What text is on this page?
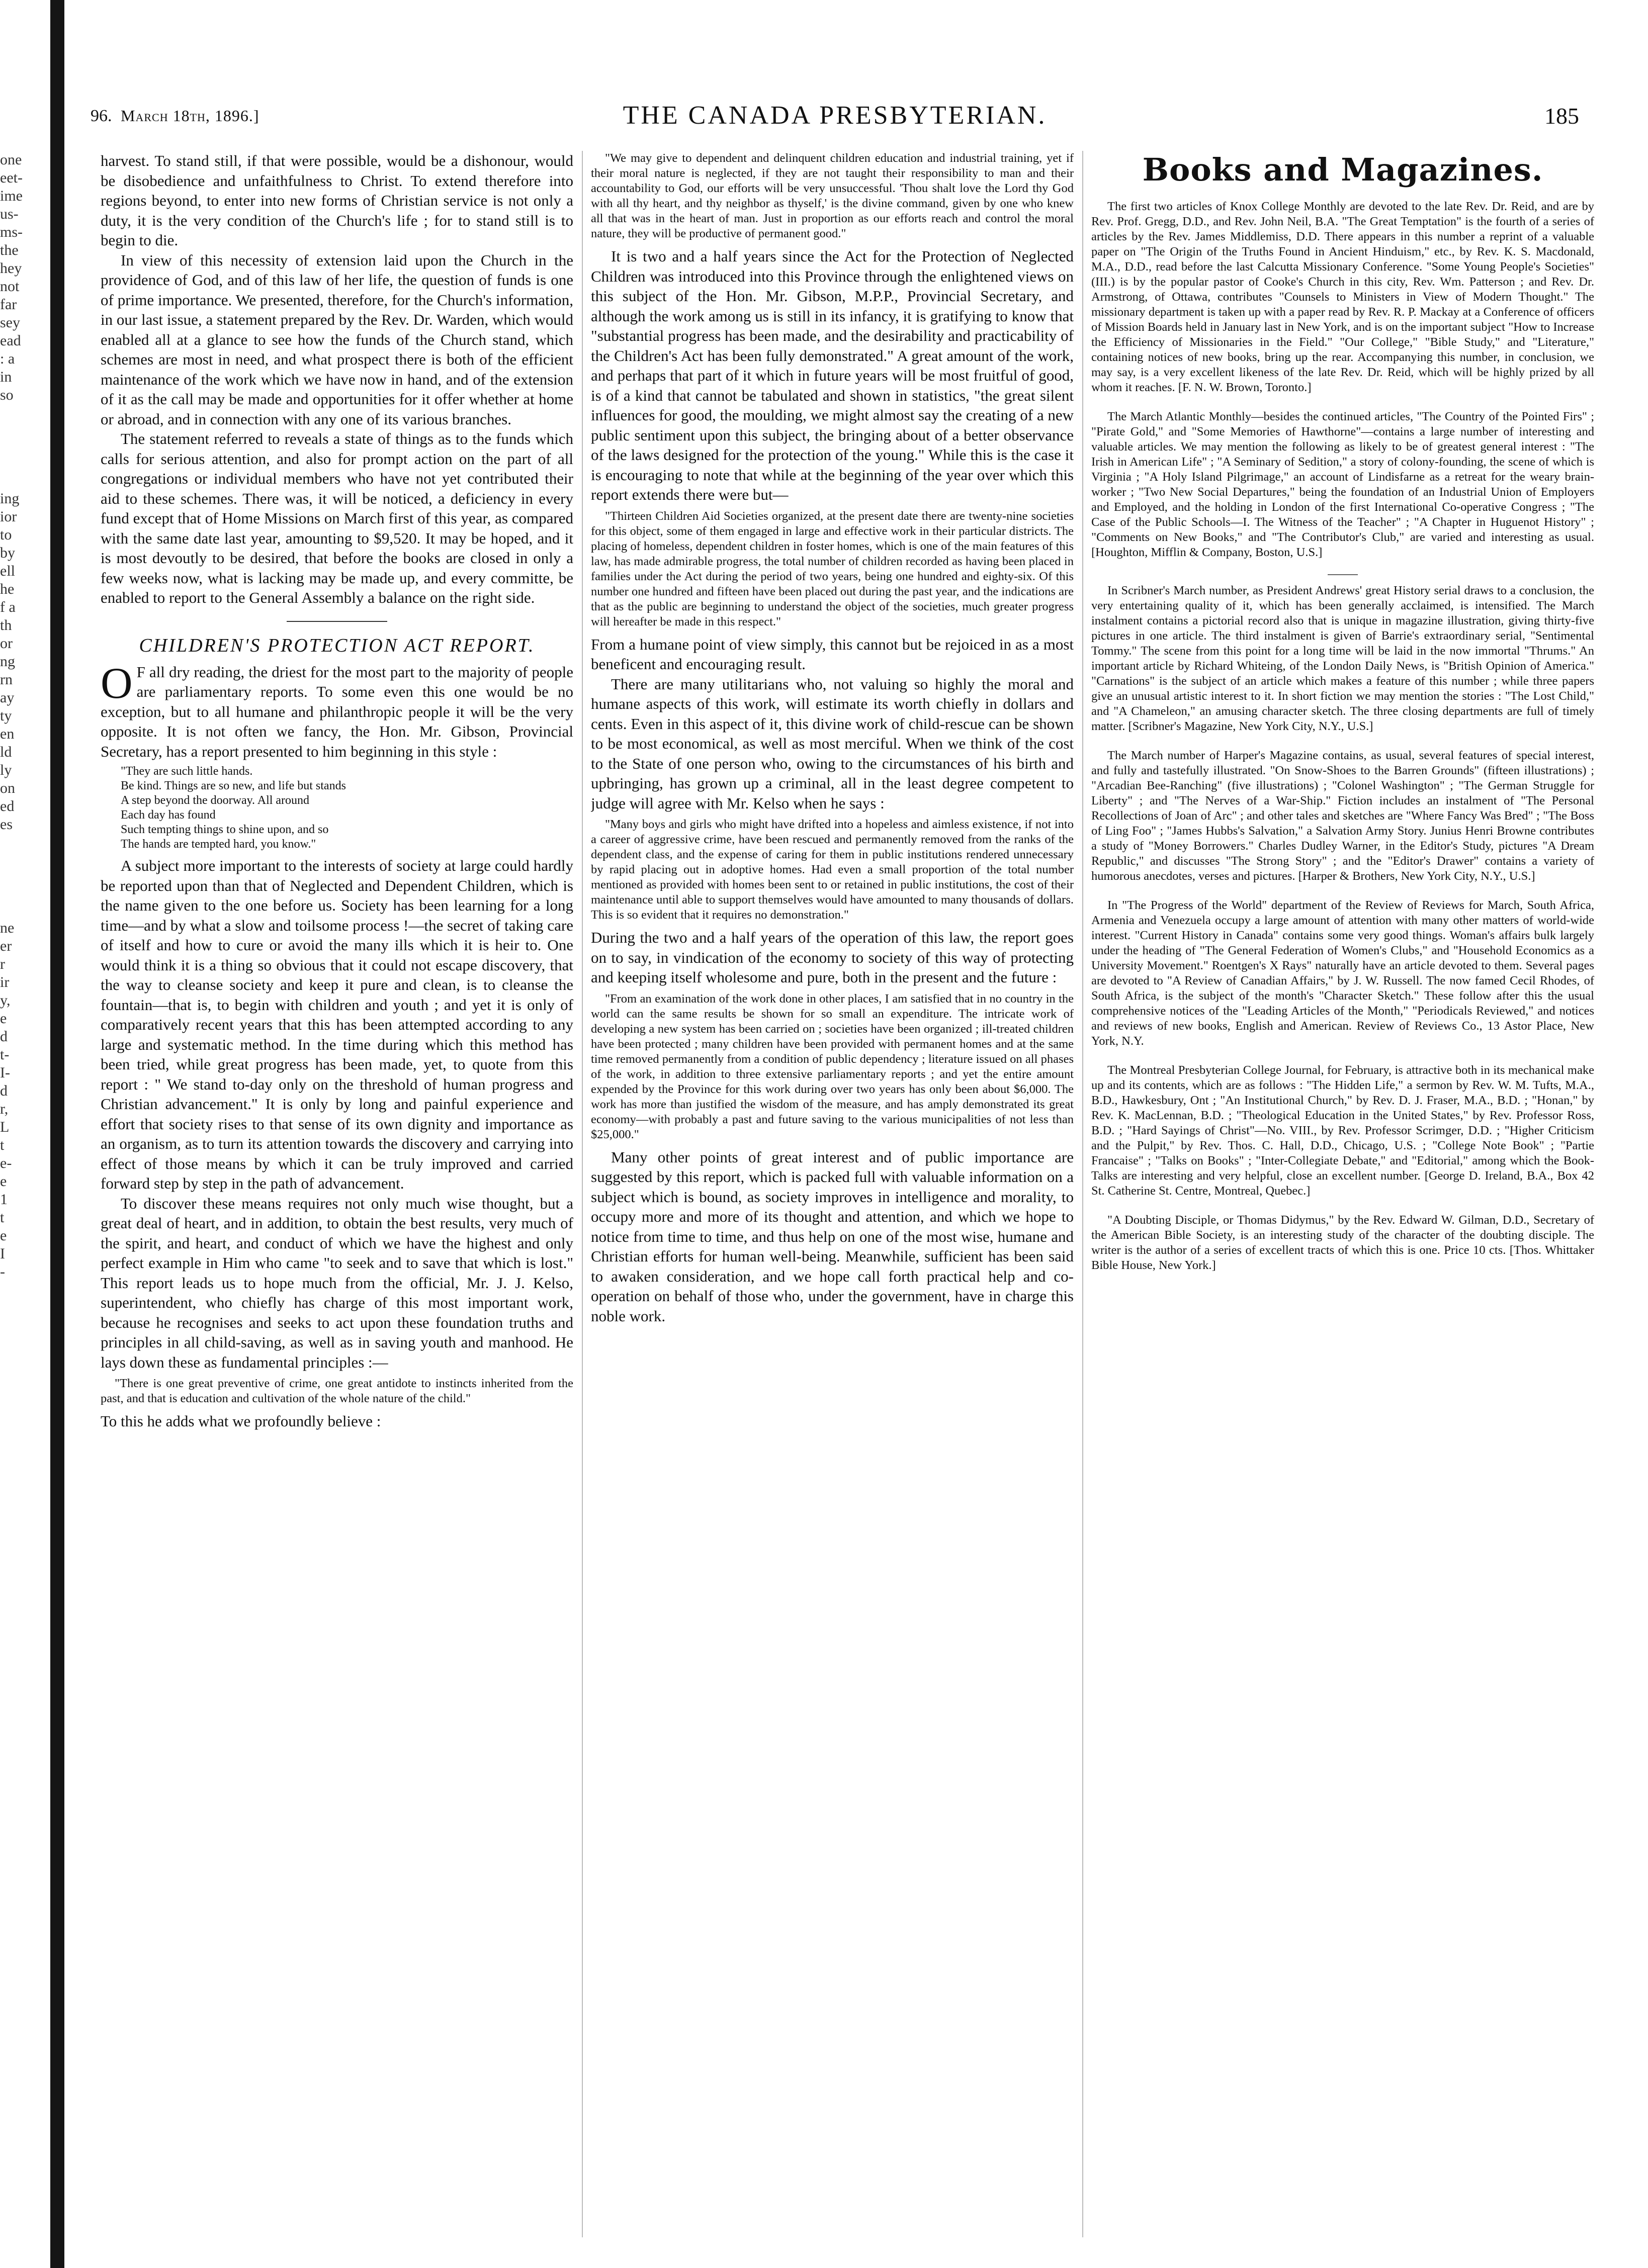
one
eet-
ime
us-
ms-
the
hey
not
far
sey
ead
: a
in
so
ing
ior
to
by
ell
he
f a
th
or
ng
rn
ay
ty
en
ld
ly
on
ed
es
ne
er
r
ir
y,
e
d
t-
I-
d
r,
L
t
e-
e
1
t
e
I
-
96. March 18th, 1896.]	THE CANADA PRESBYTERIAN.	185

harvest. To stand still, if that were possible, would be a dishonour, would be disobedience and unfaithfulness to Christ. To extend therefore into regions beyond, to enter into new forms of Christian service is not only a duty, it is the very condition of the Church's life ; for to stand still is to begin to die.

In view of this necessity of extension laid upon the Church in the providence of God, and of this law of her life, the question of funds is one of prime importance. We presented, therefore, for the Church's information, in our last issue, a statement prepared by the Rev. Dr. Warden, which would enabled all at a glance to see how the funds of the Church stand, which schemes are most in need, and what prospect there is both of the efficient maintenance of the work which we have now in hand, and of the extension of it as the call may be made and opportunities for it offer whether at home or abroad, and in connection with any one of its various branches.

The statement referred to reveals a state of things as to the funds which calls for serious attention, and also for prompt action on the part of all congregations or individual members who have not yet contributed their aid to these schemes. There was, it will be noticed, a deficiency in every fund except that of Home Missions on March first of this year, as compared with the same date last year, amounting to $9,520. It may be hoped, and it is most devoutly to be desired, that before the books are closed in only a few weeks now, what is lacking may be made up, and every committe, be enabled to report to the General Assembly a balance on the right side.

CHILDREN'S PROTECTION ACT REPORT.

OF all dry reading, the driest for the most part to the majority of people are parliamentary reports. To some even this one would be no exception, but to all humane and philanthropic people it will be the very opposite. It is not often we fancy, the Hon. Mr. Gibson, Provincial Secretary, has a report presented to him beginning in this style :

"They are such little hands.
Be kind. Things are so new, and life but stands
A step beyond the doorway. All around
Each day has found
Such tempting things to shine upon, and so
The hands are tempted hard, you know."

A subject more important to the interests of society at large could hardly be reported upon than that of Neglected and Dependent Children, which is the name given to the one before us. Society has been learning for a long time—and by what a slow and toilsome process !—the secret of taking care of itself and how to cure or avoid the many ills which it is heir to. One would think it is a thing so obvious that it could not escape discovery, that the way to cleanse society and keep it pure and clean, is to cleanse the fountain—that is, to begin with children and youth ; and yet it is only of comparatively recent years that this has been attempted according to any large and systematic method. In the time during which this method has been tried, while great progress has been made, yet, to quote from this report : " We stand to-day only on the threshold of human progress and Christian advancement." It is only by long and painful experience and effort that society rises to that sense of its own dignity and importance as an organism, as to turn its attention towards the discovery and carrying into effect of those means by which it can be truly improved and carried forward step by step in the path of advancement.

To discover these means requires not only much wise thought, but a great deal of heart, and in addition, to obtain the best results, very much of the spirit, and heart, and conduct of which we have the highest and only perfect example in Him who came "to seek and to save that which is lost." This report leads us to hope much from the official, Mr. J. J. Kelso, superintendent, who chiefly has charge of this most important work, because he recognises and seeks to act upon these foundation truths and principles in all child-saving, as well as in saving youth and manhood. He lays down these as fundamental principles :—

"There is one great preventive of crime, one great antidote to instincts inherited from the past, and that is education and cultivation of the whole nature of the child."

To this he adds what we profoundly believe :

"We may give to dependent and delinquent children education and industrial training, yet if their moral nature is neglected, if they are not taught their responsibility to man and their accountability to God, our efforts will be very unsuccessful. 'Thou shalt love the Lord thy God with all thy heart, and thy neighbor as thyself,' is the divine command, given by one who knew all that was in the heart of man. Just in proportion as our efforts reach and control the moral nature, they will be productive of permanent good."

It is two and a half years since the Act for the Protection of Neglected Children was introduced into this Province through the enlightened views on this subject of the Hon. Mr. Gibson, M.P.P., Provincial Secretary, and although the work among us is still in its infancy, it is gratifying to know that "substantial progress has been made, and the desirability and practicability of the Children's Act has been fully demonstrated." A great amount of the work, and perhaps that part of it which in future years will be most fruitful of good, is of a kind that cannot be tabulated and shown in statistics, "the great silent influences for good, the moulding, we might almost say the creating of a new public sentiment upon this subject, the bringing about of a better observance of the laws designed for the protection of the young." While this is the case it is encouraging to note that while at the beginning of the year over which this report extends there were but—

"Thirteen Children Aid Societies organized, at the present date there are twenty-nine societies for this object, some of them engaged in large and effective work in their particular districts. The placing of homeless, dependent children in foster homes, which is one of the main features of this law, has made admirable progress, the total number of children recorded as having been placed in families under the Act during the period of two years, being one hundred and eighty-six. Of this number one hundred and fifteen have been placed out during the past year, and the indications are that as the public are beginning to understand the object of the societies, much greater progress will hereafter be made in this respect."

From a humane point of view simply, this cannot but be rejoiced in as a most beneficent and encouraging result.

There are many utilitarians who, not valuing so highly the moral and humane aspects of this work, will estimate its worth chiefly in dollars and cents. Even in this aspect of it, this divine work of child-rescue can be shown to be most economical, as well as most merciful. When we think of the cost to the State of one person who, owing to the circumstances of his birth and upbringing, has grown up a criminal, all in the least degree competent to judge will agree with Mr. Kelso when he says :

"Many boys and girls who might have drifted into a hopeless and aimless existence, if not into a career of aggressive crime, have been rescued and permanently removed from the ranks of the dependent class, and the expense of caring for them in public institutions rendered unnecessary by rapid placing out in adoptive homes. Had even a small proportion of the total number mentioned as provided with homes been sent to or retained in public institutions, the cost of their maintenance until able to support themselves would have amounted to many thousands of dollars. This is so evident that it requires no demonstration."

During the two and a half years of the operation of this law, the report goes on to say, in vindication of the economy to society of this way of protecting and keeping itself wholesome and pure, both in the present and the future :

"From an examination of the work done in other places, I am satisfied that in no country in the world can the same results be shown for so small an expenditure. The intricate work of developing a new system has been carried on ; societies have been organized ; ill-treated children have been protected ; many children have been provided with permanent homes and at the same time removed permanently from a condition of public dependency ; literature issued on all phases of the work, in addition to three extensive parliamentary reports ; and yet the entire amount expended by the Province for this work during over two years has only been about $6,000. The work has more than justified the wisdom of the measure, and has amply demonstrated its great economy—with probably a past and future saving to the various municipalities of not less than $25,000."

Many other points of great interest and of public importance are suggested by this report, which is packed full with valuable information on a subject which is bound, as society improves in intelligence and morality, to occupy more and more of its thought and attention, and which we hope to notice from time to time, and thus help on one of the most wise, humane and Christian efforts for human well-being. Meanwhile, sufficient has been said to awaken consideration, and we hope call forth practical help and co-operation on behalf of those who, under the government, have in charge this noble work.

Books and Magazines.

The first two articles of Knox College Monthly are devoted to the late Rev. Dr. Reid, and are by Rev. Prof. Gregg, D.D., and Rev. John Neil, B.A. "The Great Temptation" is the fourth of a series of articles by the Rev. James Middlemiss, D.D. There appears in this number a reprint of a valuable paper on "The Origin of the Truths Found in Ancient Hinduism," etc., by Rev. K. S. Macdonald, M.A., D.D., read before the last Calcutta Missionary Conference. "Some Young People's Societies" (III.) is by the popular pastor of Cooke's Church in this city, Rev. Wm. Patterson ; and Rev. Dr. Armstrong, of Ottawa, contributes "Counsels to Ministers in View of Modern Thought." The missionary department is taken up with a paper read by Rev. R. P. Mackay at a Conference of officers of Mission Boards held in January last in New York, and is on the important subject "How to Increase the Efficiency of Missionaries in the Field." "Our College," "Bible Study," and "Literature," containing notices of new books, bring up the rear. Accompanying this number, in conclusion, we may say, is a very excellent likeness of the late Rev. Dr. Reid, which will be highly prized by all whom it reaches. [F. N. W. Brown, Toronto.]

The March Atlantic Monthly—besides the continued articles, "The Country of the Pointed Firs" ; "Pirate Gold," and "Some Memories of Hawthorne"—contains a large number of interesting and valuable articles. We may mention the following as likely to be of greatest general interest : "The Irish in American Life" ; "A Seminary of Sedition," a story of colony-founding, the scene of which is Virginia ; "A Holy Island Pilgrimage," an account of Lindisfarne as a retreat for the weary brain-worker ; "Two New Social Departures," being the foundation of an Industrial Union of Employers and Employed, and the holding in London of the first International Co-operative Congress ; "The Case of the Public Schools—I. The Witness of the Teacher" ; "A Chapter in Huguenot History" ; "Comments on New Books," and "The Contributor's Club," are varied and interesting as usual. [Houghton, Mifflin & Company, Boston, U.S.]

In Scribner's March number, as President Andrews' great History serial draws to a conclusion, the very entertaining quality of it, which has been generally acclaimed, is intensified. The March instalment contains a pictorial record also that is unique in magazine illustration, giving thirty-five pictures in one article. The third instalment is given of Barrie's extraordinary serial, "Sentimental Tommy." The scene from this point for a long time will be laid in the now immortal "Thrums." An important article by Richard Whiteing, of the London Daily News, is "British Opinion of America." "Carnations" is the subject of an article which makes a feature of this number ; while three papers give an unusual artistic interest to it. In short fiction we may mention the stories : "The Lost Child," and "A Chameleon," an amusing character sketch. The three closing departments are full of timely matter. [Scribner's Magazine, New York City, N.Y., U.S.]

The March number of Harper's Magazine contains, as usual, several features of special interest, and fully and tastefully illustrated. "On Snow-Shoes to the Barren Grounds" (fifteen illustrations) ; "Arcadian Bee-Ranching" (five illustrations) ; "Colonel Washington" ; "The German Struggle for Liberty" ; and "The Nerves of a War-Ship." Fiction includes an instalment of "The Personal Recollections of Joan of Arc" ; and other tales and sketches are "Where Fancy Was Bred" ; "The Boss of Ling Foo" ; "James Hubbs's Salvation," a Salvation Army Story. Junius Henri Browne contributes a study of "Money Borrowers." Charles Dudley Warner, in the Editor's Study, pictures "A Dream Republic," and discusses "The Strong Story" ; and the "Editor's Drawer" contains a variety of humorous anecdotes, verses and pictures. [Harper & Brothers, New York City, N.Y., U.S.]

In "The Progress of the World" department of the Review of Reviews for March, South Africa, Armenia and Venezuela occupy a large amount of attention with many other matters of world-wide interest. "Current History in Canada" contains some very good things. Woman's affairs bulk largely under the heading of "The General Federation of Women's Clubs," and "Household Economics as a University Movement." Roentgen's X Rays" naturally have an article devoted to them. Several pages are devoted to "A Review of Canadian Affairs," by J. W. Russell. The now famed Cecil Rhodes, of South Africa, is the subject of the month's "Character Sketch." These follow after this the usual comprehensive notices of the "Leading Articles of the Month," "Periodicals Reviewed," and notices and reviews of new books, English and American. Review of Reviews Co., 13 Astor Place, New York, N.Y.

The Montreal Presbyterian College Journal, for February, is attractive both in its mechanical make up and its contents, which are as follows : "The Hidden Life," a sermon by Rev. W. M. Tufts, M.A., B.D., Hawkesbury, Ont ; "An Institutional Church," by Rev. D. J. Fraser, M.A., B.D. ; "Honan," by Rev. K. MacLennan, B.D. ; "Theological Education in the United States," by Rev. Professor Ross, B.D. ; "Hard Sayings of Christ"—No. VIII., by Rev. Professor Scrimger, D.D. ; "Higher Criticism and the Pulpit," by Rev. Thos. C. Hall, D.D., Chicago, U.S. ; "College Note Book" ; "Partie Francaise" ; "Talks on Books" ; "Inter-Collegiate Debate," and "Editorial," among which the Book-Talks are interesting and very helpful, close an excellent number. [George D. Ireland, B.A., Box 42 St. Catherine St. Centre, Montreal, Quebec.]

"A Doubting Disciple, or Thomas Didymus," by the Rev. Edward W. Gilman, D.D., Secretary of the American Bible Society, is an interesting study of the character of the doubting disciple. The writer is the author of a series of excellent tracts of which this is one. Price 10 cts. [Thos. Whittaker Bible House, New York.]
